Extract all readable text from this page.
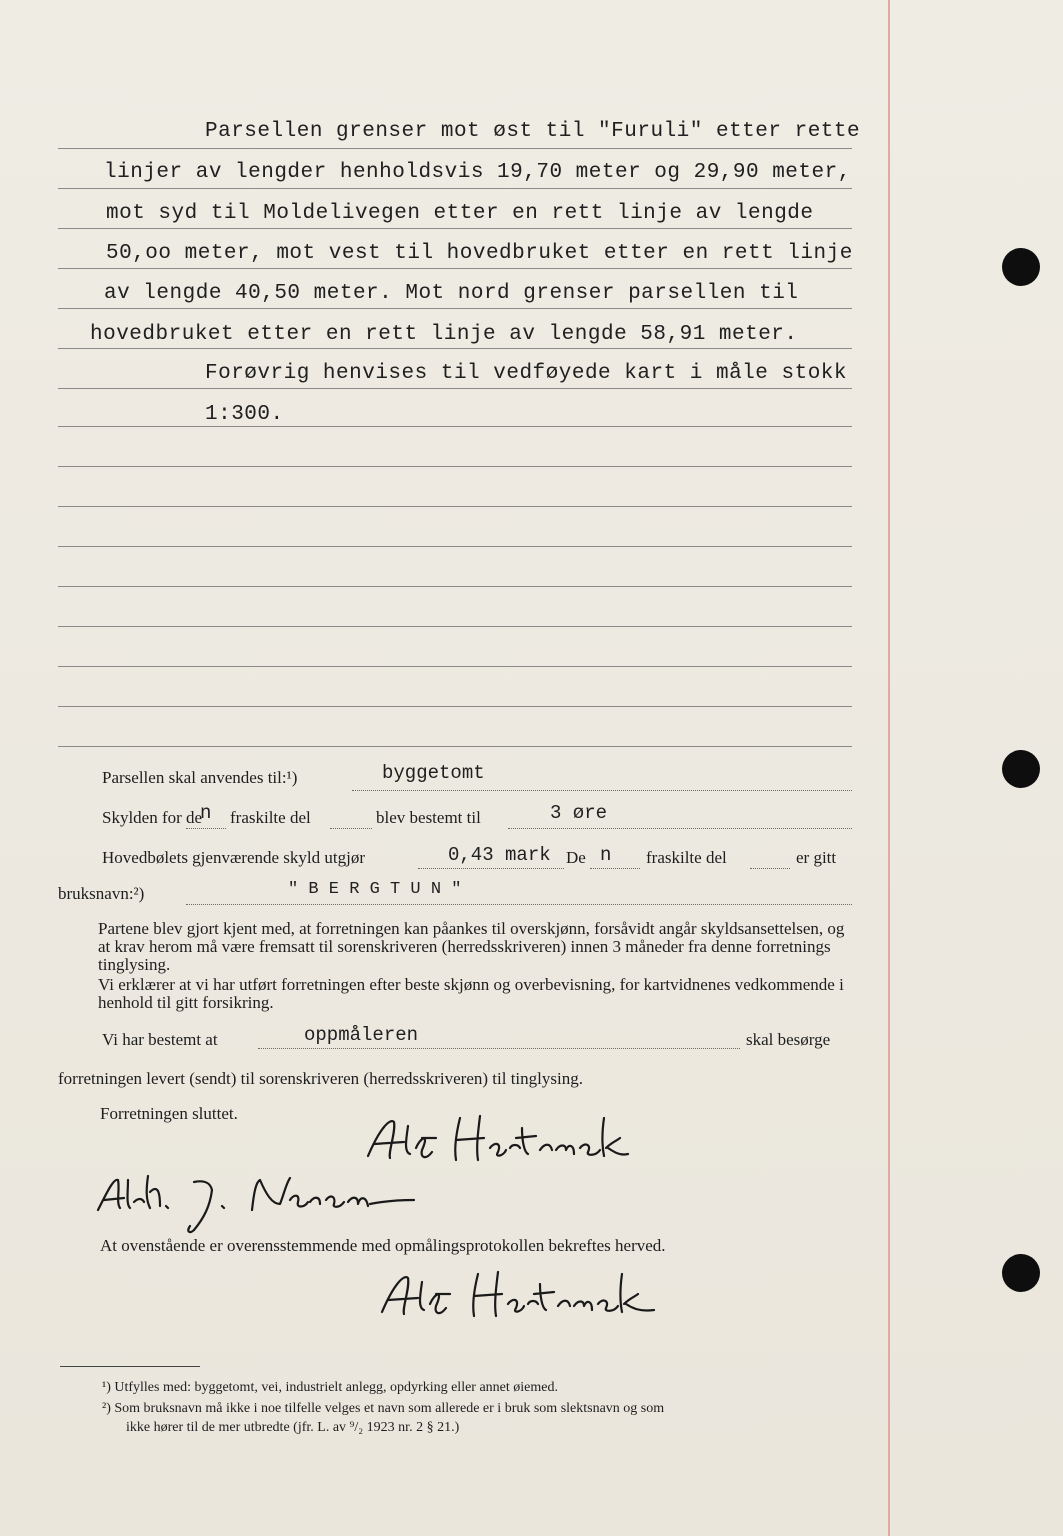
Parsellen grenser mot øst til "Furuli" etter rette
linjer av lengder henholdsvis 19,70 meter og 29,90 meter,
mot syd til Moldelivegen etter en rett linje av lengde
50,oo meter, mot vest til hovedbruket etter en rett linje
av lengde 40,50 meter. Mot nord grenser parsellen til
hovedbruket etter en rett linje av lengde 58,91 meter.
Forøvrig henvises til vedføyede kart i måle stokk
1:300.
Parsellen skal anvendes til:¹)	byggetomt
Skylden for de
n fraskilte del	blev bestemt til	3 øre
Hovedbølets gjenværende skyld utgjør	0,43 mark De n fraskilte del	er gitt
bruksnavn:²)	" B E R G T U N "
Partene blev gjort kjent med, at forretningen kan påankes til overskjønn, forsåvidt angår skyldsansettelsen, og at krav herom må være fremsatt til sorenskriveren (herredsskriveren) innen 3 måneder fra denne forretnings tinglysing.
Vi erklærer at vi har utført forretningen efter beste skjønn og overbevisning, for kartvidnenes vedkommende i henhold til gitt forsikring.
Vi har bestemt at	oppmåleren	skal besørge
forretningen levert (sendt) til sorenskriveren (herredsskriveren) til tinglysing.
Forretningen sluttet.	Alf Hørtmark
Arth. J. Neveren
At ovenstående er overensstemmende med opmålingsprotokollen bekreftes herved.
Alf Hørtmark
¹) Utfylles med: byggetomt, vei, industrielt anlegg, opdyrking eller annet øiemed.
²) Som bruksnavn må ikke i noe tilfelle velges et navn som allerede er i bruk som slektsnavn og som
ikke hører til de mer utbredte (jfr. L. av ⁹/₂ 1923 nr. 2 § 21.)
